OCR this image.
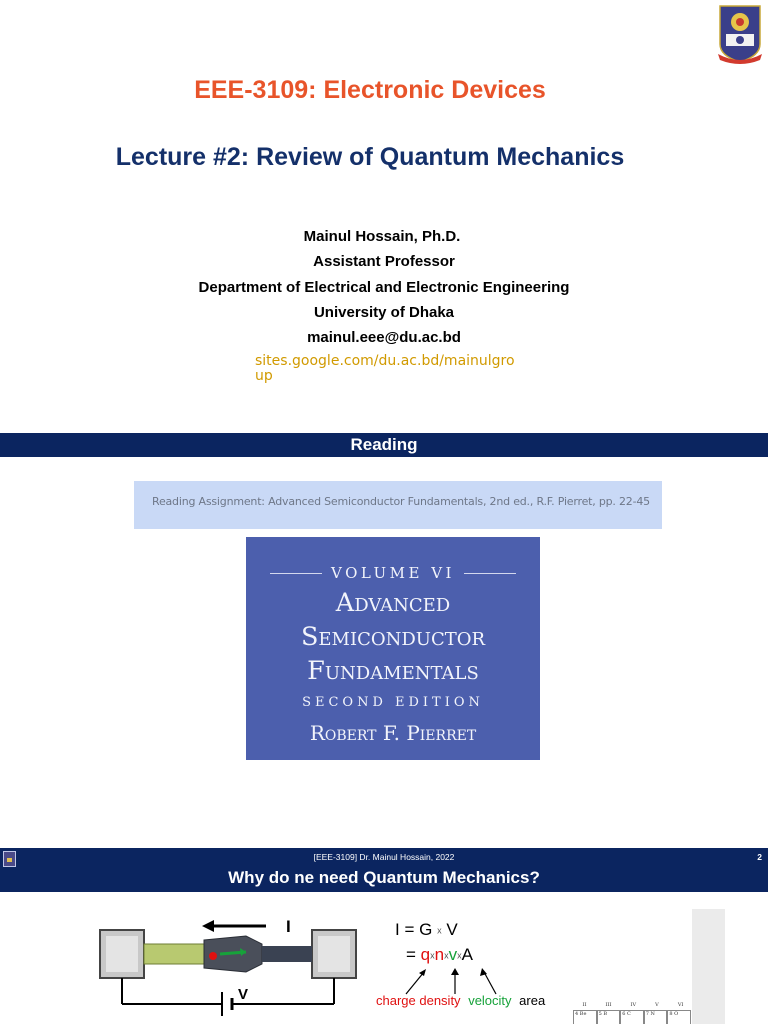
EEE-3109: Electronic Devices
Lecture #2: Review of Quantum Mechanics
Mainul Hossain, Ph.D.
Assistant Professor
Department of Electrical and Electronic Engineering
University of Dhaka
mainul.eee@du.ac.bd
sites.google.com/du.ac.bd/mainulgroup
Reading
Reading Assignment: Advanced Semiconductor Fundamentals, 2nd ed., R.F. Pierret, pp. 22-45
VOLUME VI
Advanced
Semiconductor
Fundamentals
SECOND EDITION
Robert F. Pierret
[EEE-3109] Dr. Mainul Hossain, 2022	2
Why do ne need Quantum Mechanics?
I
V
I = G x V
= qxnxvxA
charge density velocity area	II	III	IV	V	VI
4 Be	5 B	6 C	7 N	8 O
